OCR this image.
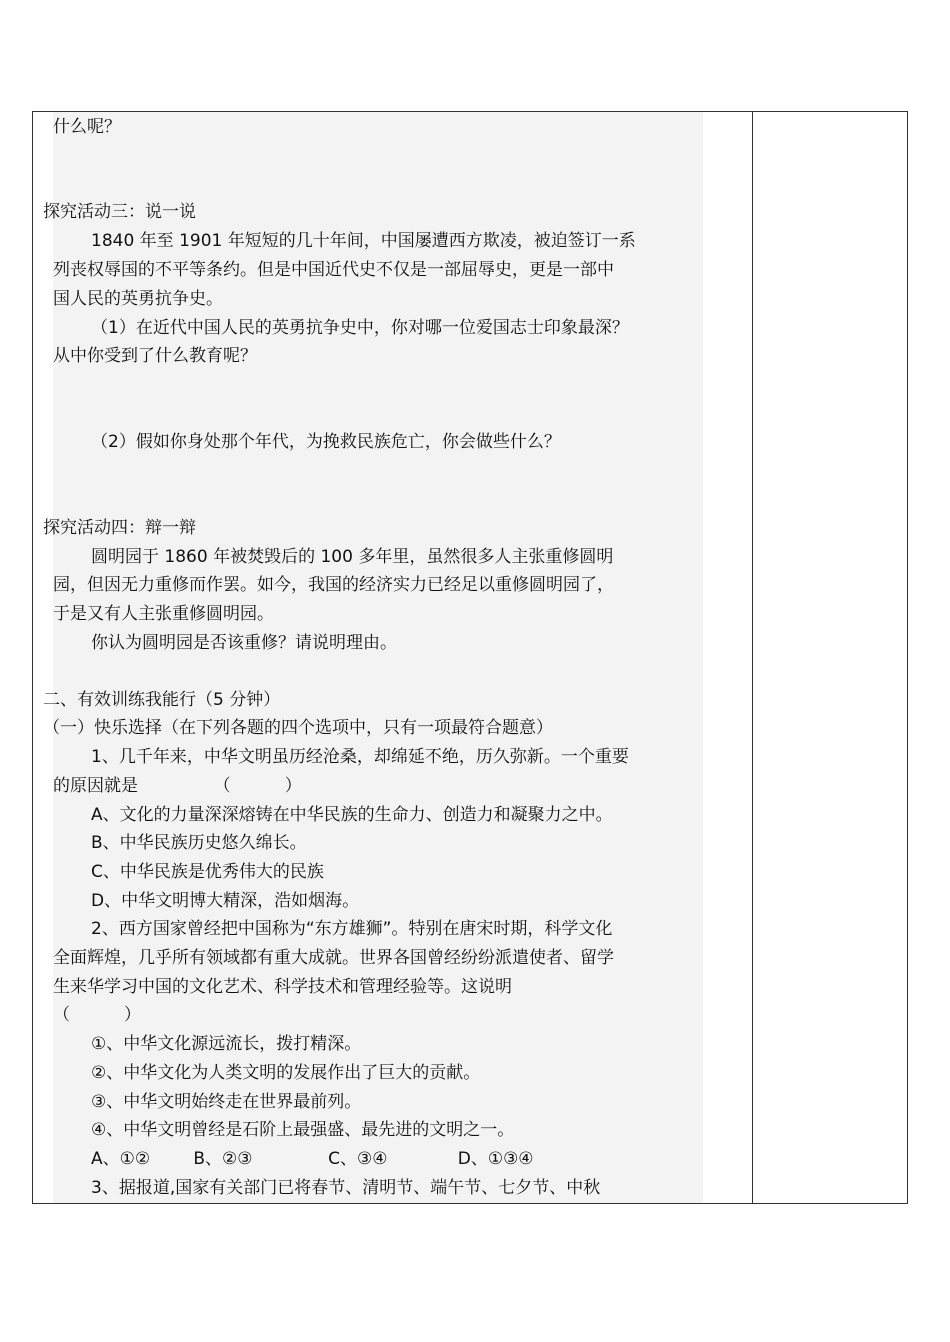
什么呢？
探究活动三：说一说
1840 年至 1901 年短短的几十年间，中国屡遭西方欺凌，被迫签订一系
列丧权辱国的不平等条约。但是中国近代史不仅是一部屈辱史，更是一部中
国人民的英勇抗争史。
（1）在近代中国人民的英勇抗争史中，你对哪一位爱国志士印象最深？
从中你受到了什么教育呢？
（2）假如你身处那个年代，为挽救民族危亡，你会做些什么？
探究活动四：辩一辩
圆明园于 1860 年被焚毁后的 100 多年里，虽然很多人主张重修圆明
园，但因无力重修而作罢。如今，我国的经济实力已经足以重修圆明园了，
于是又有人主张重修圆明园。
你认为圆明园是否该重修？请说明理由。
二、有效训练我能行（5 分钟）
（一）快乐选择（在下列各题的四个选项中，只有一项最符合题意）
1、几千年来，中华文明虽历经沧桑，却绵延不绝，历久弥新。一个重要
的原因就是              （          ）
A、文化的力量深深熔铸在中华民族的生命力、创造力和凝聚力之中。
B、中华民族历史悠久绵长。
C、中华民族是优秀伟大的民族
D、中华文明博大精深，浩如烟海。
2、西方国家曾经把中国称为“东方雄狮”。特别在唐宋时期，科学文化
全面辉煌，几乎所有领域都有重大成就。世界各国曾经纷纷派遣使者、留学
生来华学习中国的文化艺术、科学技术和管理经验等。这说明
（          ）
①、中华文化源远流长，拨打精深。
②、中华文化为人类文明的发展作出了巨大的贡献。
③、中华文明始终走在世界最前列。
④、中华文明曾经是石阶上最强盛、最先进的文明之一。
A、①②        B、②③              C、③④             D、①③④
3、据报道,国家有关部门已将春节、清明节、端午节、七夕节、中秋
